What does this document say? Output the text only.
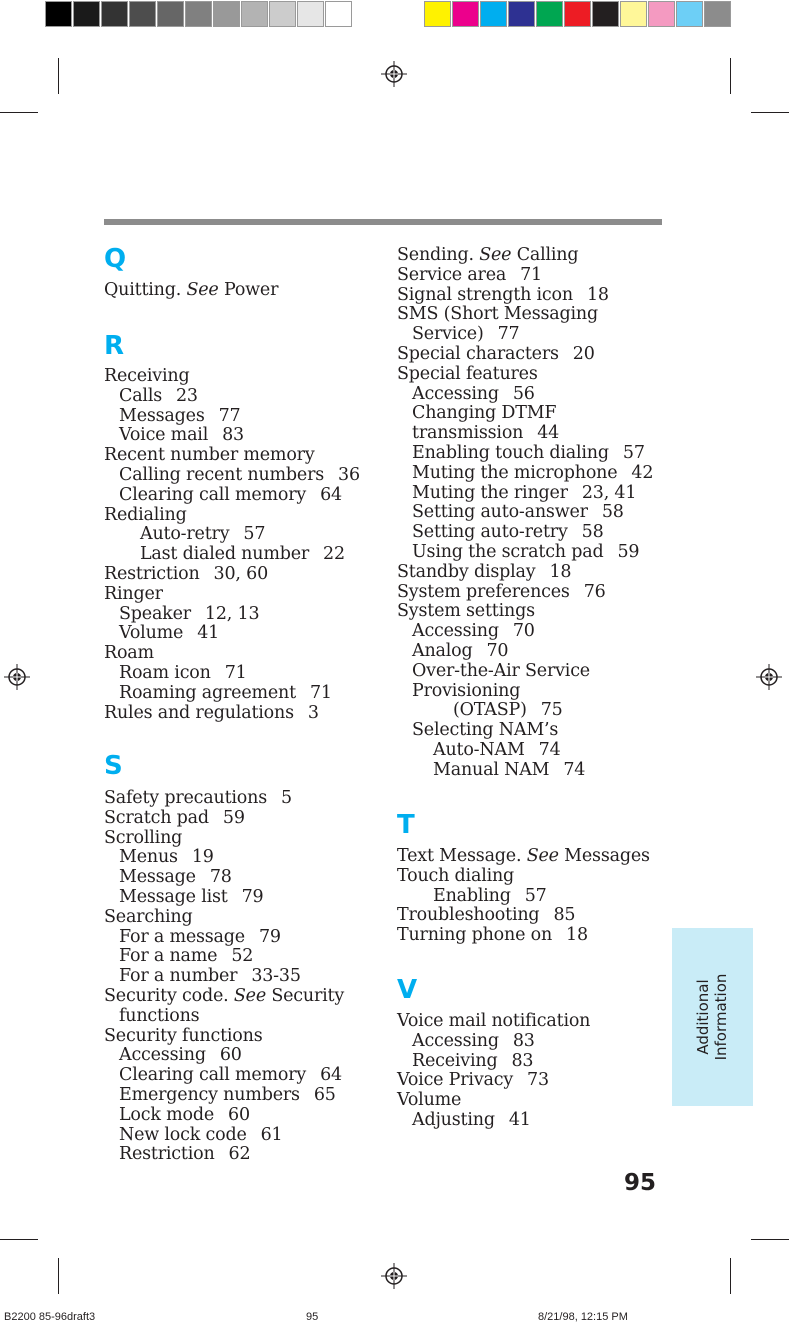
Q
Quitting. See Power
R
Receiving
Calls 23
Messages 77
Voice mail 83
Recent number memory
Calling recent numbers 36
Clearing call memory 64
Redialing
Auto-retry 57
Last dialed number 22
Restriction 30, 60
Ringer
Speaker 12, 13
Volume 41
Roam
Roam icon 71
Roaming agreement 71
Rules and regulations 3
S
Safety precautions 5
Scratch pad 59
Scrolling
Menus 19
Message 78
Message list 79
Searching
For a message 79
For a name 52
For a number 33-35
Security code. See Security
functions
Security functions
Accessing 60
Clearing call memory 64
Emergency numbers 65
Lock mode 60
New lock code 61
Restriction 62
Sending. See Calling
Service area 71
Signal strength icon 18
SMS (Short Messaging
Service) 77
Special characters 20
Special features
Accessing 56
Changing DTMF
transmission 44
Enabling touch dialing 57
Muting the microphone 42
Muting the ringer 23, 41
Setting auto-answer 58
Setting auto-retry 58
Using the scratch pad 59
Standby display 18
System preferences 76
System settings
Accessing 70
Analog 70
Over-the-Air Service
Provisioning
(OTASP) 75
Selecting NAM’s
Auto-NAM 74
Manual NAM 74
T
Text Message. See Messages
Touch dialing
Enabling 57
Troubleshooting 85
Turning phone on 18
V
Voice mail notification
Accessing 83
Receiving 83
Voice Privacy 73
Volume
Adjusting 41
Additional Information
95
B2200 85-96draft3	95	8/21/98, 12:15 PM
